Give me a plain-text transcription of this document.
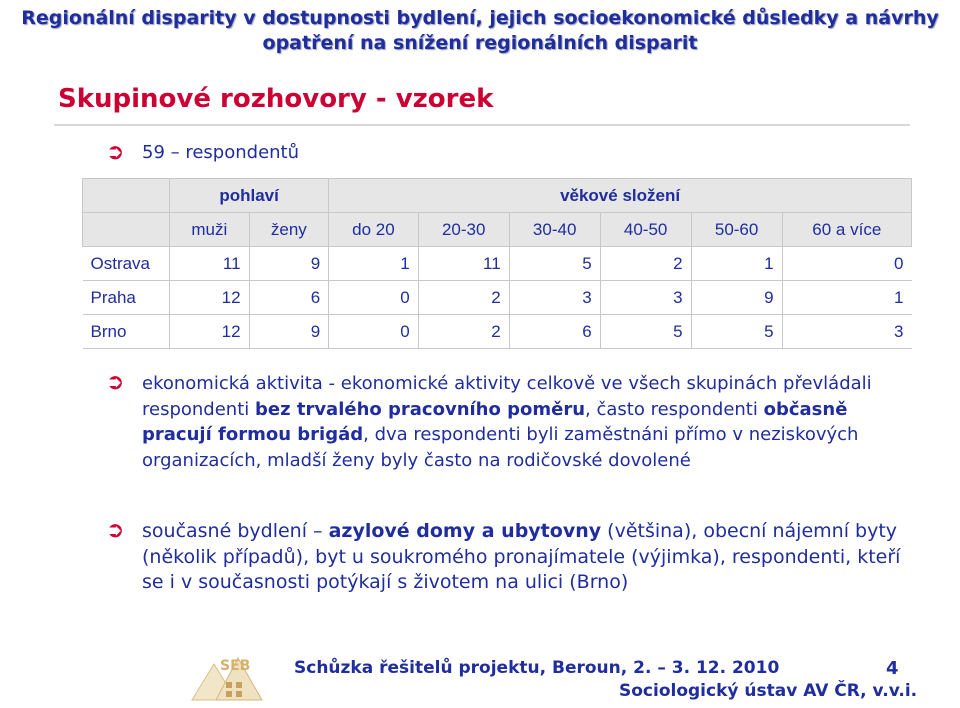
Regionální disparity v dostupnosti bydlení, jejich socioekonomické důsledky a návrhy
opatření na snížení regionálních disparit
Skupinové rozhovory - vzorek
➲ 59 – respondentů
	pohlaví		věkové složení					
	muži	ženy	do 20	20-30	30-40	40-50	50-60	60 a více
Ostrava	11	9	1	11	5	2	1	0
Praha	12	6	0	2	3	3	9	1
Brno	12	9	0	2	6	5	5	3
➲ ekonomická aktivita - ekonomické aktivity celkově ve všech skupinách převládali respondenti bez trvalého pracovního poměru, často respondenti občasně pracují formou brigád, dva respondenti byli zaměstnáni přímo v neziskových organizacích, mladší ženy byly často na rodičovské dovolené
➲ současné bydlení – azylové domy a ubytovny (většina), obecní nájemní byty (několik případů), byt u soukromého pronajímatele (výjimka), respondenti, kteří se i v současnosti potýkají s životem na ulici (Brno)
SEB	Schůzka řešitelů projektu, Beroun, 2. – 3. 12. 2010
Sociologický ústav AV ČR, v.v.i.
4
